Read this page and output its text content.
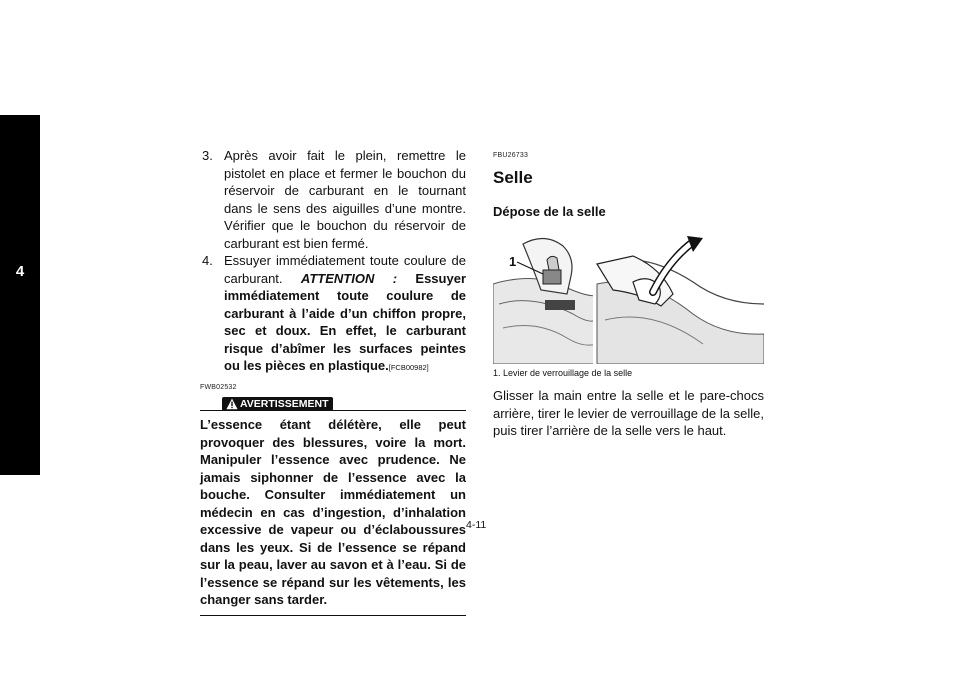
4
3. Après avoir fait le plein, remettre le pistolet en place et fermer le bouchon du réservoir de carburant en le tournant dans le sens des aiguilles d’une montre. Vérifier que le bouchon du réservoir de carburant est bien fermé.
4. Essuyer immédiatement toute coulure de carburant. ATTENTION : Essuyer immédiatement toute coulure de carburant à l’aide d’un chiffon propre, sec et doux. En effet, le carburant risque d’abîmer les surfaces peintes ou les pièces en plastique.[FCB00982]
FWB02532
AVERTISSEMENT
L’essence étant délétère, elle peut provoquer des blessures, voire la mort. Manipuler l’essence avec prudence. Ne jamais siphonner de l’essence avec la bouche. Consulter immédiatement un médecin en cas d’ingestion, d’inhalation excessive de vapeur ou d’éclaboussures dans les yeux. Si de l’essence se répand sur la peau, laver au savon et à l’eau. Si de l’essence se répand sur les vêtements, les changer sans tarder.
FBU26733
Selle
Dépose de la selle
1
1. Levier de verrouillage de la selle
Glisser la main entre la selle et le pare-chocs arrière, tirer le levier de verrouillage de la selle, puis tirer l’arrière de la selle vers le haut.
4-11
